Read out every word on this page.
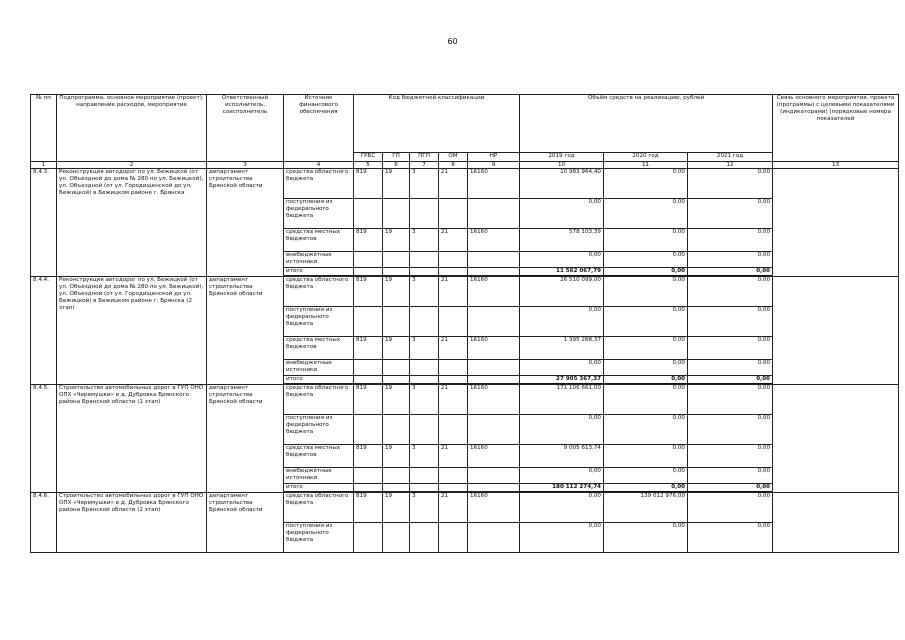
60
№ пп	Подпрограмма, основное мероприятие (проект), направление расходов, мероприятие	Ответственный исполнитель, соисполнитель	Источник финансового обеспечения	Код бюджетной классификации					Объём средств на реализацию, рублей			Связь основного мероприятия, проекта (программы) с целевыми показателями (индикаторами) (порядковые номера показателей
				ГРБС	ГП	ПГП	ОМ	НР	2019 год	2020 год	2021 год	
1	2	3	4	5	6	7	8	9	10	11	12	13
8.4.3.	Реконструкция автодорог по ул. Бежицкой (от ул. Объездной до дома № 280 по ул. Бежицкой), ул. Объездной (от ул. Городищенской до ул. Бежицкой) в Бежицком районе г. Брянска	департамент строительства Брянской области	средства областного бюджета	819	19	3	21	16160	10 983 964,40	0,00	0,00	
			поступления из федерального бюджета						0,00	0,00	0,00	
			средства местных бюджетов	819	19	3	21	16160	578 103,39	0,00	0,00	
			внебюджетные источники						0,00	0,00	0,00	
			итого						11 562 067,79	0,00	0,00	

8.4.4.	Реконструкция автодорог по ул. Бежицкой (от ул. Объездной до дома № 280 по ул. Бежицкой), ул. Объездной (от ул. Городищенской до ул. Бежицкой) в Бежицком районе г. Брянска (2 этап)	департамент строительства Брянской области	средства областного бюджета	819	19	3	21	16160	26 510 099,00	0,00	0,00	
			поступления из федерального бюджета						0,00	0,00	0,00	
			средства местных бюджетов	819	19	3	21	16160	1 395 268,37	0,00	0,00	
			внебюджетные источники						0,00	0,00	0,00	
			итого						27 905 367,37	0,00	0,00	

8.4.5.	Строительство автомобильных дорог в ГУП ОНО ОПХ «Черемушки» в д. Дубровка Брянского района Брянской области (1 этап)	департамент строительства Брянской области	средства областного бюджета	819	19	3	21	16160	171 106 661,00	0,00	0,00	
			поступления из федерального бюджета						0,00	0,00	0,00	
			средства местных бюджетов	819	19	3	21	16160	9 005 613,74	0,00	0,00	
			внебюджетные источники						0,00	0,00	0,00	
			итого						180 112 274,74	0,00	0,00	

8.4.6.	Строительство автомобильных дорог в ГУП ОНО ОПХ «Черемушки» в д. Дубровка Брянского района Брянской области (2 этап)	департамент строительства Брянской области	средства областного бюджета	819	19	3	21	16160	0,00	139 012 976,00	0,00	
			поступления из федерального бюджета						0,00	0,00	0,00	
